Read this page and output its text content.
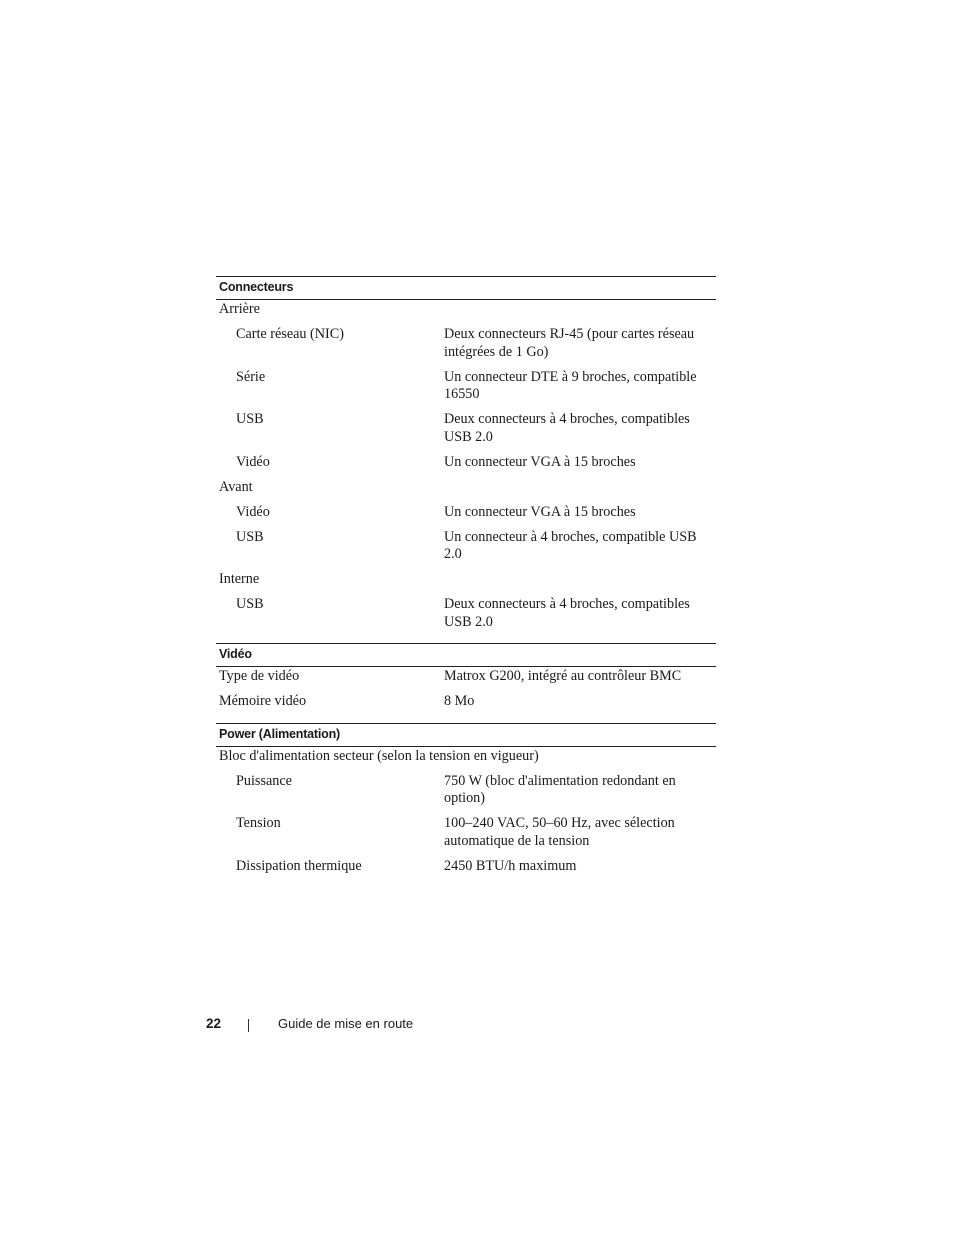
Connecteurs
Arrière
Carte réseau (NIC)	Deux connecteurs RJ-45 (pour cartes réseau intégrées de 1 Go)
Série	Un connecteur DTE à 9 broches, compatible 16550
USB	Deux connecteurs à 4 broches, compatibles USB 2.0
Vidéo	Un connecteur VGA à 15 broches
Avant
Vidéo	Un connecteur VGA à 15 broches
USB	Un connecteur à 4 broches, compatible USB 2.0
Interne
USB	Deux connecteurs à 4 broches, compatibles USB 2.0
Vidéo
Type de vidéo	Matrox G200, intégré au contrôleur BMC
Mémoire vidéo	8 Mo
Power (Alimentation)
Bloc d'alimentation secteur (selon la tension en vigueur)
Puissance	750 W (bloc d'alimentation redondant en option)
Tension	100–240 VAC, 50–60 Hz, avec sélection automatique de la tension
Dissipation thermique	2450 BTU/h maximum
22	Guide de mise en route
